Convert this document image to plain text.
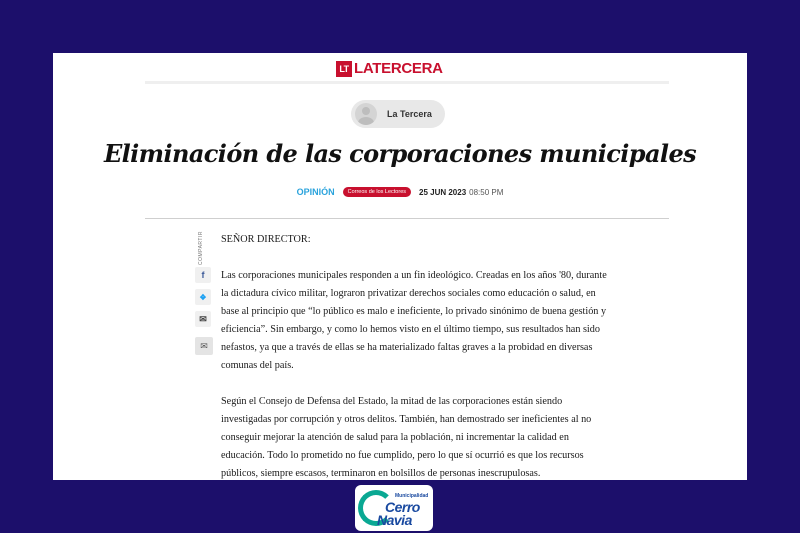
LT LATERCERA
La Tercera
Eliminación de las corporaciones municipales
OPINIÓN	Correos de los Lectores	25 JUN 2023 08:50 PM
COMPARTIR
f
❖
✉
✉

SEÑOR DIRECTOR:

Las corporaciones municipales responden a un fin ideológico. Creadas en los años '80, durante la dictadura cívico militar, lograron privatizar derechos sociales como educación o salud, en base al principio que “lo público es malo e ineficiente, lo privado sinónimo de buena gestión y eficiencia”. Sin embargo, y como lo hemos visto en el último tiempo, sus resultados han sido nefastos, ya que a través de ellas se ha materializado faltas graves a la probidad en diversas comunas del país.

Según el Consejo de Defensa del Estado, la mitad de las corporaciones están siendo investigadas por corrupción y otros delitos. También, han demostrado ser ineficientes al no conseguir mejorar la atención de salud para la población, ni incrementar la calidad en educación. Todo lo prometido no fue cumplido, pero lo que sí ocurrió es que los recursos públicos, siempre escasos, terminaron en bolsillos de personas inescrupulosas.

Municipalidad
Cerro
Navia
